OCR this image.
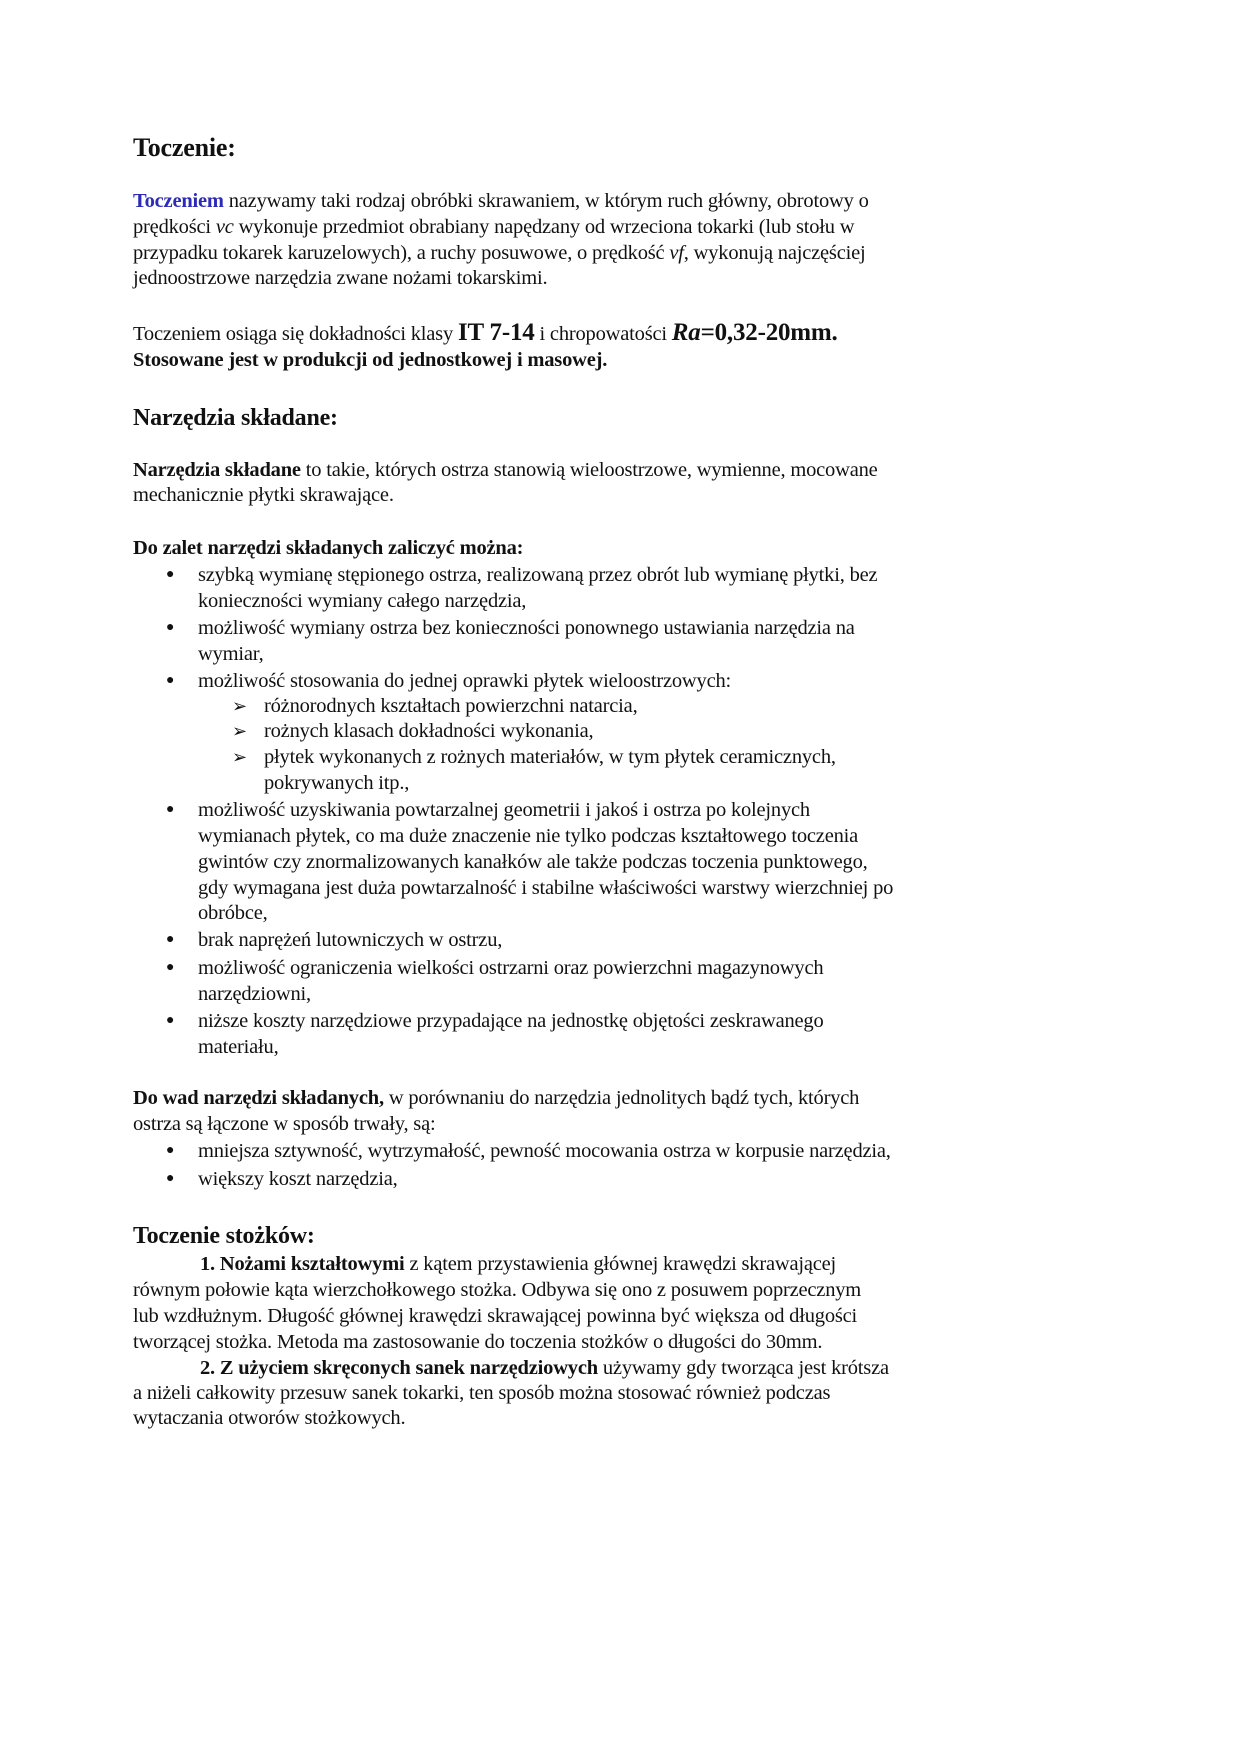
Toczenie:
Toczeniem nazywamy taki rodzaj obróbki skrawaniem, w którym ruch główny, obrotowy o
prędkości vc wykonuje przedmiot obrabiany napędzany od wrzeciona tokarki (lub stołu w
przypadku tokarek karuzelowych), a ruchy posuwowe, o prędkość vf, wykonują najczęściej
jednoostrzowe narzędzia zwane nożami tokarskimi.
Toczeniem osiąga się dokładności klasy IT 7-14 i chropowatości Ra=0,32-20mm.
Stosowane jest w produkcji od jednostkowej i masowej.
Narzędzia składane:
Narzędzia składane to takie, których ostrza stanowią wieloostrzowe, wymienne, mocowane
mechanicznie płytki skrawające.
Do zalet narzędzi składanych zaliczyć można:
szybką wymianę stępionego ostrza, realizowaną przez obrót lub wymianę płytki, bez
●
konieczności wymiany całego narzędzia,
możliwość wymiany ostrza bez konieczności ponownego ustawiania narzędzia na
●
wymiar,
możliwość stosowania do jednej oprawki płytek wieloostrzowych:
●
różnorodnych kształtach powierzchni natarcia,
➢
rożnych klasach dokładności wykonania,
➢
płytek wykonanych z rożnych materiałów, w tym płytek ceramicznych,
➢
pokrywanych itp.,
możliwość uzyskiwania powtarzalnej geometrii i jakoś i ostrza po kolejnych
●
wymianach płytek, co ma duże znaczenie nie tylko podczas kształtowego toczenia
gwintów czy znormalizowanych kanałków ale także podczas toczenia punktowego,
gdy wymagana jest duża powtarzalność i stabilne właściwości warstwy wierzchniej po
obróbce,
brak naprężeń lutowniczych w ostrzu,
●
możliwość ograniczenia wielkości ostrzarni oraz powierzchni magazynowych
●
narzędziowni,
niższe koszty narzędziowe przypadające na jednostkę objętości zeskrawanego
●
materiału,
Do wad narzędzi składanych, w porównaniu do narzędzia jednolitych bądź tych, których
ostrza są łączone w sposób trwały, są:
mniejsza sztywność, wytrzymałość, pewność mocowania ostrza w korpusie narzędzia,
●
większy koszt narzędzia,
●
Toczenie stożków:
1. Nożami kształtowymi z kątem przystawienia głównej krawędzi skrawającej
równym połowie kąta wierzchołkowego stożka. Odbywa się ono z posuwem poprzecznym
lub wzdłużnym. Długość głównej krawędzi skrawającej powinna być większa od długości
tworzącej stożka. Metoda ma zastosowanie do toczenia stożków o długości do 30mm.
2. Z użyciem skręconych sanek narzędziowych używamy gdy tworząca jest krótsza
a niżeli całkowity przesuw sanek tokarki, ten sposób można stosować również podczas
wytaczania otworów stożkowych.
